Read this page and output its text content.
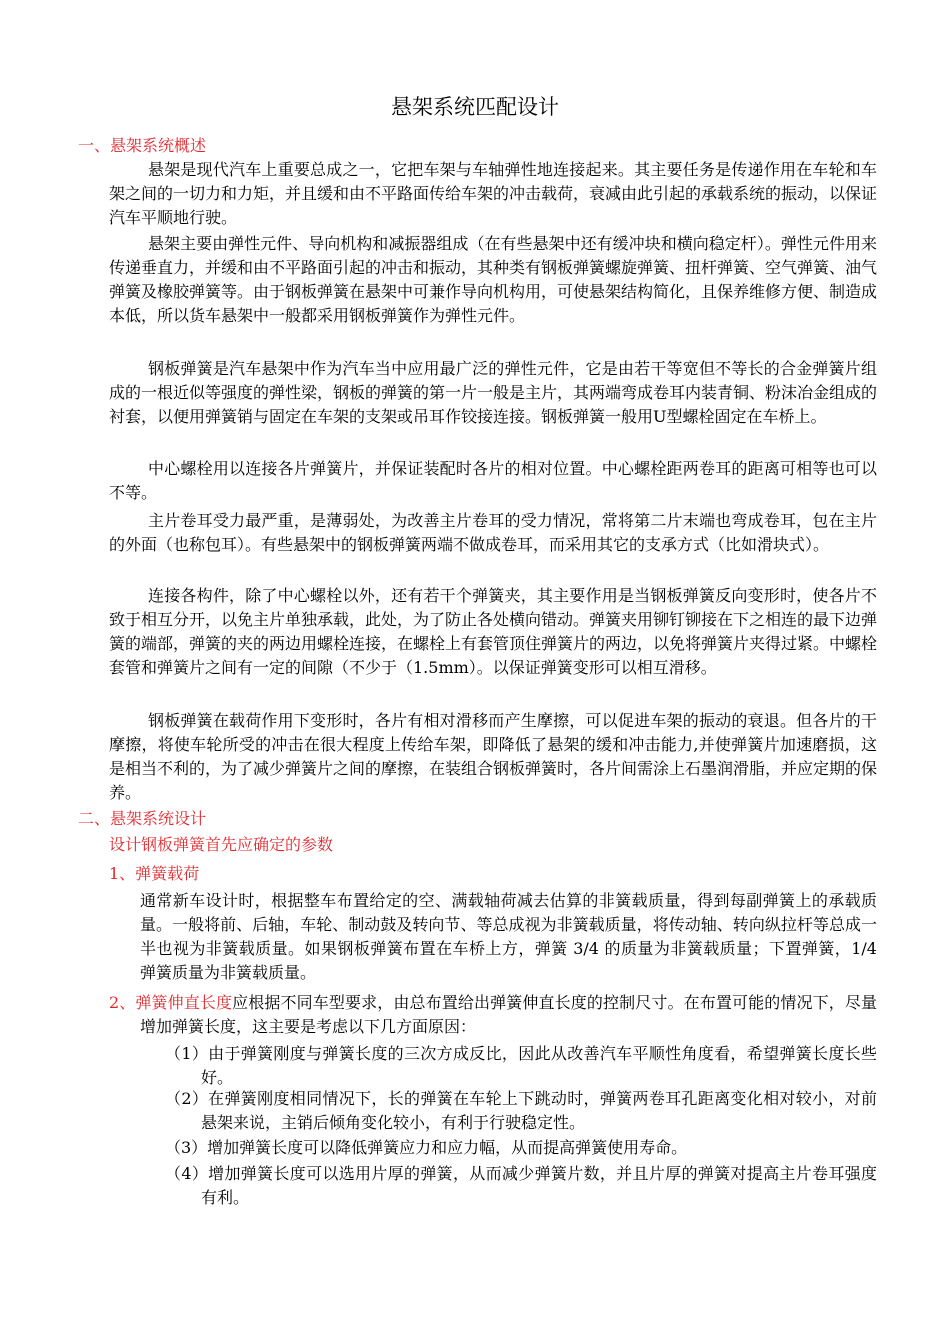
悬架系统匹配设计
一、悬架系统概述
悬架是现代汽车上重要总成之一，它把车架与车轴弹性地连接起来。其主要任务是传递作用在车轮和车架之间的一切力和力矩，并且缓和由不平路面传给车架的冲击载荷，衰减由此引起的承载系统的振动，以保证汽车平顺地行驶。
悬架主要由弹性元件、导向机构和减振器组成（在有些悬架中还有缓冲块和横向稳定杆）。弹性元件用来传递垂直力，并缓和由不平路面引起的冲击和振动，其种类有钢板弹簧螺旋弹簧、扭杆弹簧、空气弹簧、油气弹簧及橡胶弹簧等。由于钢板弹簧在悬架中可兼作导向机构用，可使悬架结构简化，且保养维修方便、制造成本低，所以货车悬架中一般都采用钢板弹簧作为弹性元件。
钢板弹簧是汽车悬架中作为汽车当中应用最广泛的弹性元件，它是由若干等宽但不等长的合金弹簧片组成的一根近似等强度的弹性梁，钢板的弹簧的第一片一般是主片，其两端弯成卷耳内装青铜、粉沫冶金组成的衬套，以便用弹簧销与固定在车架的支架或吊耳作铰接连接。钢板弹簧一般用U型螺栓固定在车桥上。
中心螺栓用以连接各片弹簧片，并保证装配时各片的相对位置。中心螺栓距两卷耳的距离可相等也可以不等。
主片卷耳受力最严重，是薄弱处，为改善主片卷耳的受力情况，常将第二片末端也弯成卷耳，包在主片的外面（也称包耳）。有些悬架中的钢板弹簧两端不做成卷耳，而采用其它的支承方式（比如滑块式）。
连接各构件，除了中心螺栓以外，还有若干个弹簧夹，其主要作用是当钢板弹簧反向变形时，使各片不致于相互分开，以免主片单独承载，此处，为了防止各处横向错动。弹簧夹用铆钉铆接在下之相连的最下边弹簧的端部，弹簧的夹的两边用螺栓连接，在螺栓上有套管顶住弹簧片的两边，以免将弹簧片夹得过紧。中螺栓套管和弹簧片之间有一定的间隙（不少于（1.5mm）。以保证弹簧变形可以相互滑移。
钢板弹簧在载荷作用下变形时，各片有相对滑移而产生摩擦，可以促进车架的振动的衰退。但各片的干摩擦，将使车轮所受的冲击在很大程度上传给车架，即降低了悬架的缓和冲击能力,并使弹簧片加速磨损，这是相当不利的，为了减少弹簧片之间的摩擦，在装组合钢板弹簧时，各片间需涂上石墨润滑脂，并应定期的保养。
二、悬架系统设计
设计钢板弹簧首先应确定的参数
1、弹簧载荷
通常新车设计时，根据整车布置给定的空、满载轴荷减去估算的非簧载质量，得到每副弹簧上的承载质量。一般将前、后轴，车轮、制动鼓及转向节、等总成视为非簧载质量，将传动轴、转向纵拉杆等总成一半也视为非簧载质量。如果钢板弹簧布置在车桥上方，弹簧 3/4 的质量为非簧载质量；下置弹簧，1/4 弹簧质量为非簧载质量。
2、弹簧伸直长度应根据不同车型要求，由总布置给出弹簧伸直长度的控制尺寸。在布置可能的情况下，尽量增加弹簧长度，这主要是考虑以下几方面原因：
（1）由于弹簧刚度与弹簧长度的三次方成反比，因此从改善汽车平顺性角度看，希望弹簧长度长些好。
（2）在弹簧刚度相同情况下，长的弹簧在车轮上下跳动时，弹簧两卷耳孔距离变化相对较小，对前悬架来说，主销后倾角变化较小，有利于行驶稳定性。
（3）增加弹簧长度可以降低弹簧应力和应力幅，从而提高弹簧使用寿命。
（4）增加弹簧长度可以选用片厚的弹簧，从而减少弹簧片数，并且片厚的弹簧对提高主片卷耳强度有利。
